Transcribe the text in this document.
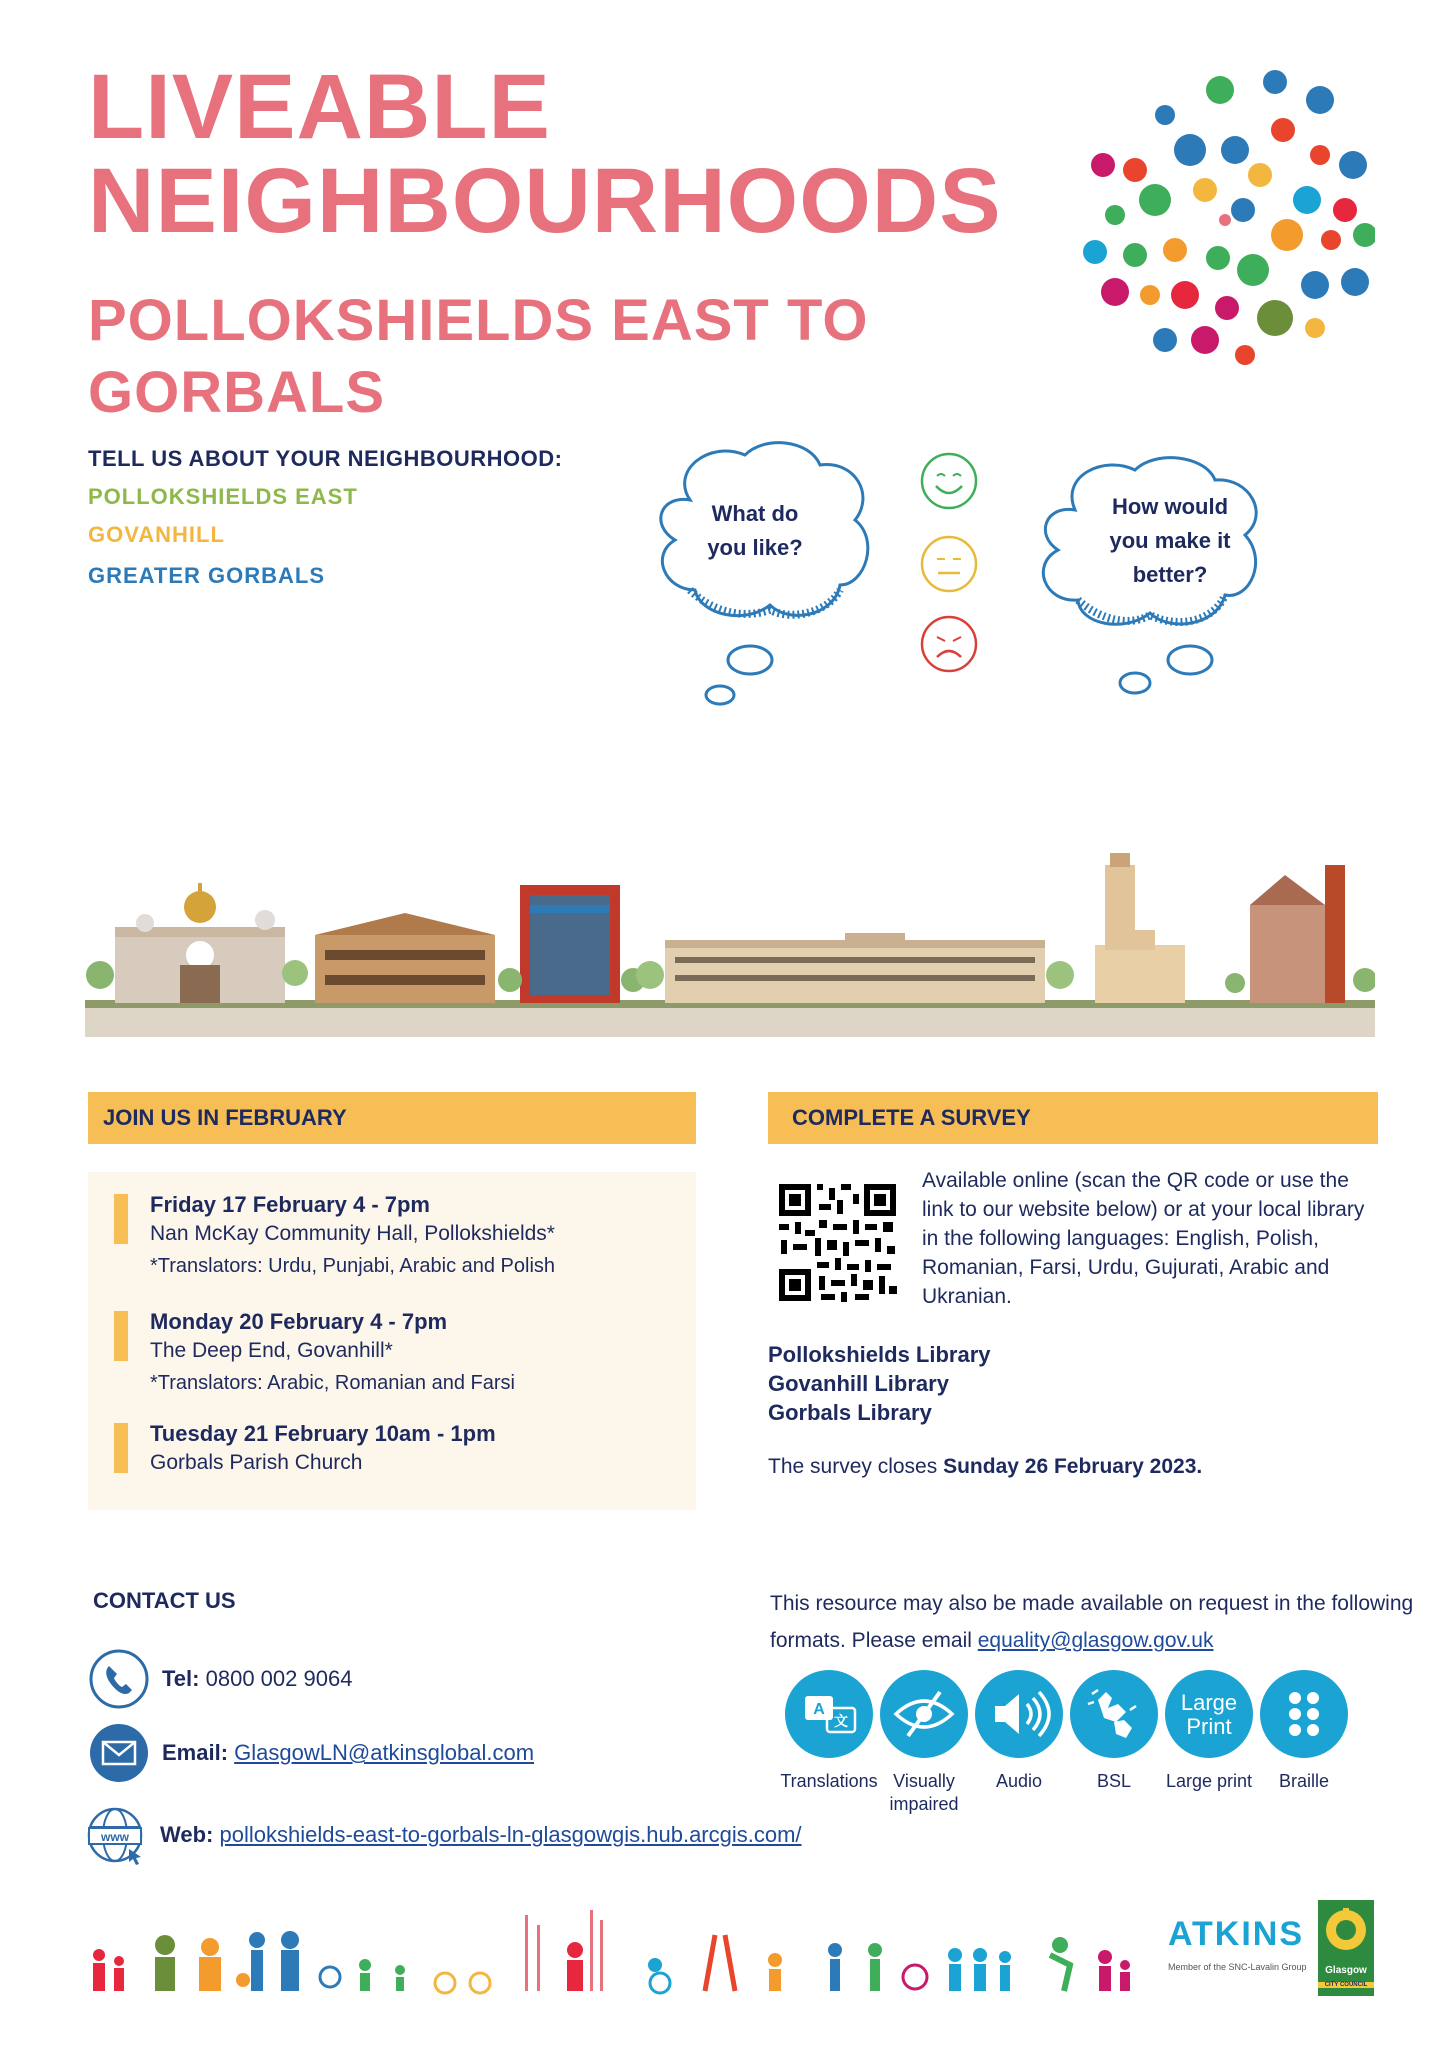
LIVEABLE
NEIGHBOURHOODS
POLLOKSHIELDS EAST TO
GORBALS
TELL US ABOUT YOUR NEIGHBOURHOOD:
POLLOKSHIELDS EAST
GOVANHILL
GREATER GORBALS
What do
you like?
How would
you make it
better?
JOIN US IN FEBRUARY
Friday 17 February 4 - 7pm
Nan McKay Community Hall, Pollokshields*
*Translators: Urdu, Punjabi, Arabic and Polish
Monday 20 February 4 - 7pm
The Deep End, Govanhill*
*Translators: Arabic, Romanian and Farsi
Tuesday 21 February 10am - 1pm
Gorbals Parish Church
COMPLETE A SURVEY
Available online (scan the QR code or use the link to our website below) or at your local library in the following languages: English, Polish, Romanian, Farsi, Urdu, Gujurati, Arabic and Ukranian.
Pollokshields Library
Govanhill Library
Gorbals Library
The survey closes Sunday 26 February 2023.
CONTACT US
Tel: 0800 002 9064
Email: GlasgowLN@atkinsglobal.com
www Web: pollokshields-east-to-gorbals-ln-glasgowgis.hub.arcgis.com/
This resource may also be made available on request in the following formats. Please email equality@glasgow.gov.uk
A
文
Large
Print
Translations Visually impaired
Audio	BSL	Large print	Braille
ATKINS
Member of the SNC-Lavalin Group	Glasgow
CITY COUNCIL
